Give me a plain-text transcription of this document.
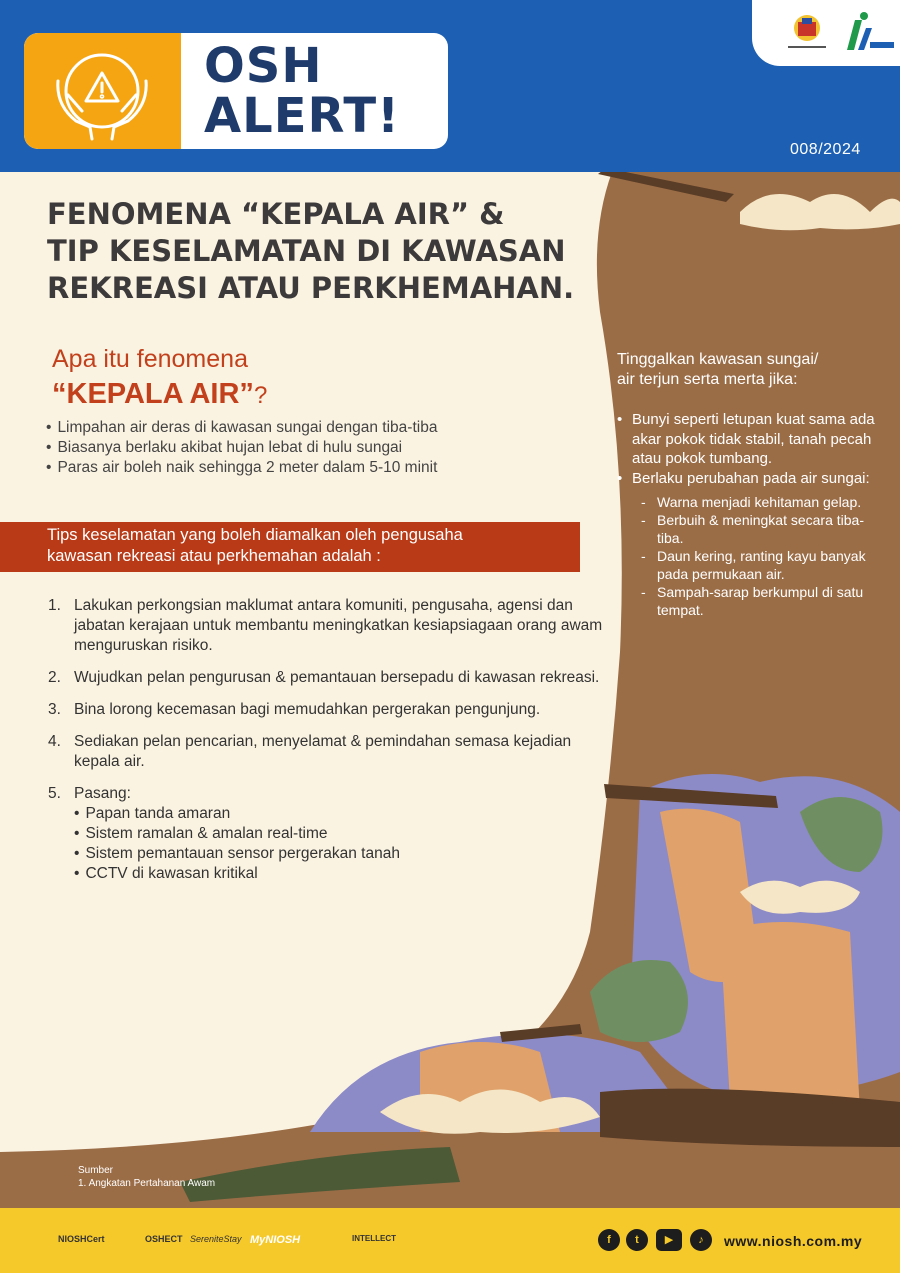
OSH
ALERT!
008/2024
FENOMENA “KEPALA AIR” &
TIP KESELAMATAN DI KAWASAN
REKREASI ATAU PERKHEMAHAN.
Apa itu fenomena
“KEPALA AIR”?
• Limpahan air deras di kawasan sungai dengan tiba-tiba
• Biasanya berlaku akibat hujan lebat di hulu sungai
• Paras air boleh naik sehingga 2 meter dalam 5-10 minit
Tips keselamatan yang boleh diamalkan oleh pengusaha
kawasan rekreasi atau perkhemahan adalah :
1. Lakukan perkongsian maklumat antara komuniti, pengusaha, agensi dan jabatan kerajaan untuk membantu meningkatkan kesiapsiagaan orang awam menguruskan risiko.
2. Wujudkan pelan pengurusan & pemantauan bersepadu di kawasan rekreasi.
3. Bina lorong kecemasan bagi memudahkan pergerakan pengunjung.
4. Sediakan pelan pencarian, menyelamat & pemindahan semasa kejadian kepala air.
5. Pasang:
• Papan tanda amaran
• Sistem ramalan & amalan real-time
• Sistem pemantauan sensor pergerakan tanah
• CCTV di kawasan kritikal
Tinggalkan kawasan sungai/
air terjun serta merta jika:
• Bunyi seperti letupan kuat sama ada akar pokok tidak stabil, tanah pecah atau pokok tumbang.
• Berlaku perubahan pada air sungai:
- Warna menjadi kehitaman gelap.
- Berbuih & meningkat secara tiba-tiba.
- Daun kering, ranting kayu banyak pada permukaan air.
- Sampah-sarap berkumpul di satu tempat.
Sumber
1. Angkatan Pertahanan Awam
NIOSHCert	OSHECT SereniteStay MyNIOSH	INTELLECT	f	t	▶	♪	www.niosh.com.my
